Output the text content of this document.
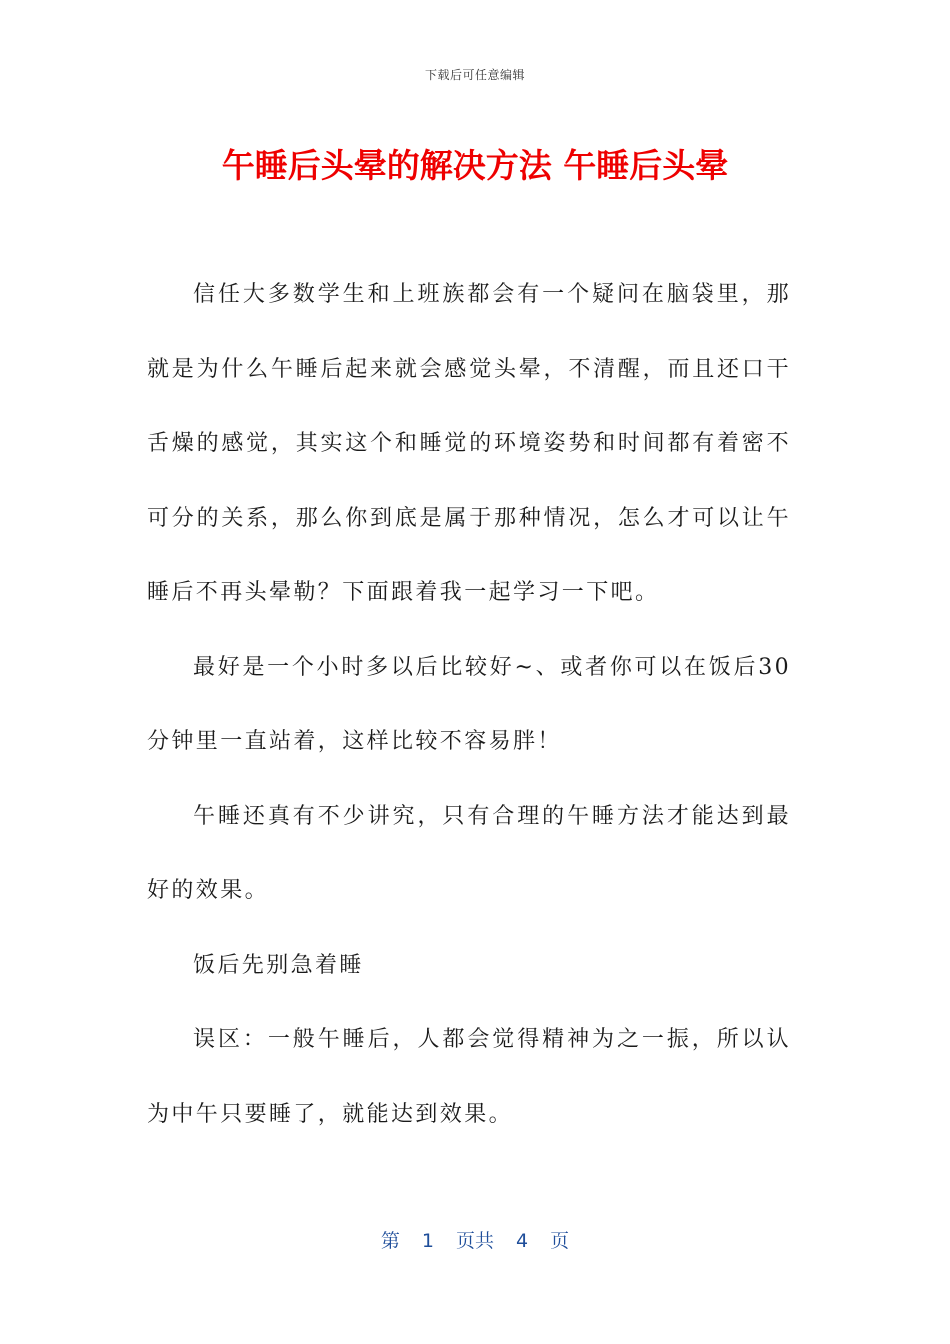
下载后可任意编辑
午睡后头晕的解决方法 午睡后头晕

信任大多数学生和上班族都会有一个疑问在脑袋里，那就是为什么午睡后起来就会感觉头晕，不清醒，而且还口干舌燥的感觉，其实这个和睡觉的环境姿势和时间都有着密不可分的关系，那么你到底是属于那种情况，怎么才可以让午睡后不再头晕勒？下面跟着我一起学习一下吧。

最好是一个小时多以后比较好~、或者你可以在饭后30分钟里一直站着，这样比较不容易胖！

午睡还真有不少讲究，只有合理的午睡方法才能达到最好的效果。

饭后先别急着睡

误区：一般午睡后，人都会觉得精神为之一振，所以认为中午只要睡了，就能达到效果。

第 1 页共 4 页
